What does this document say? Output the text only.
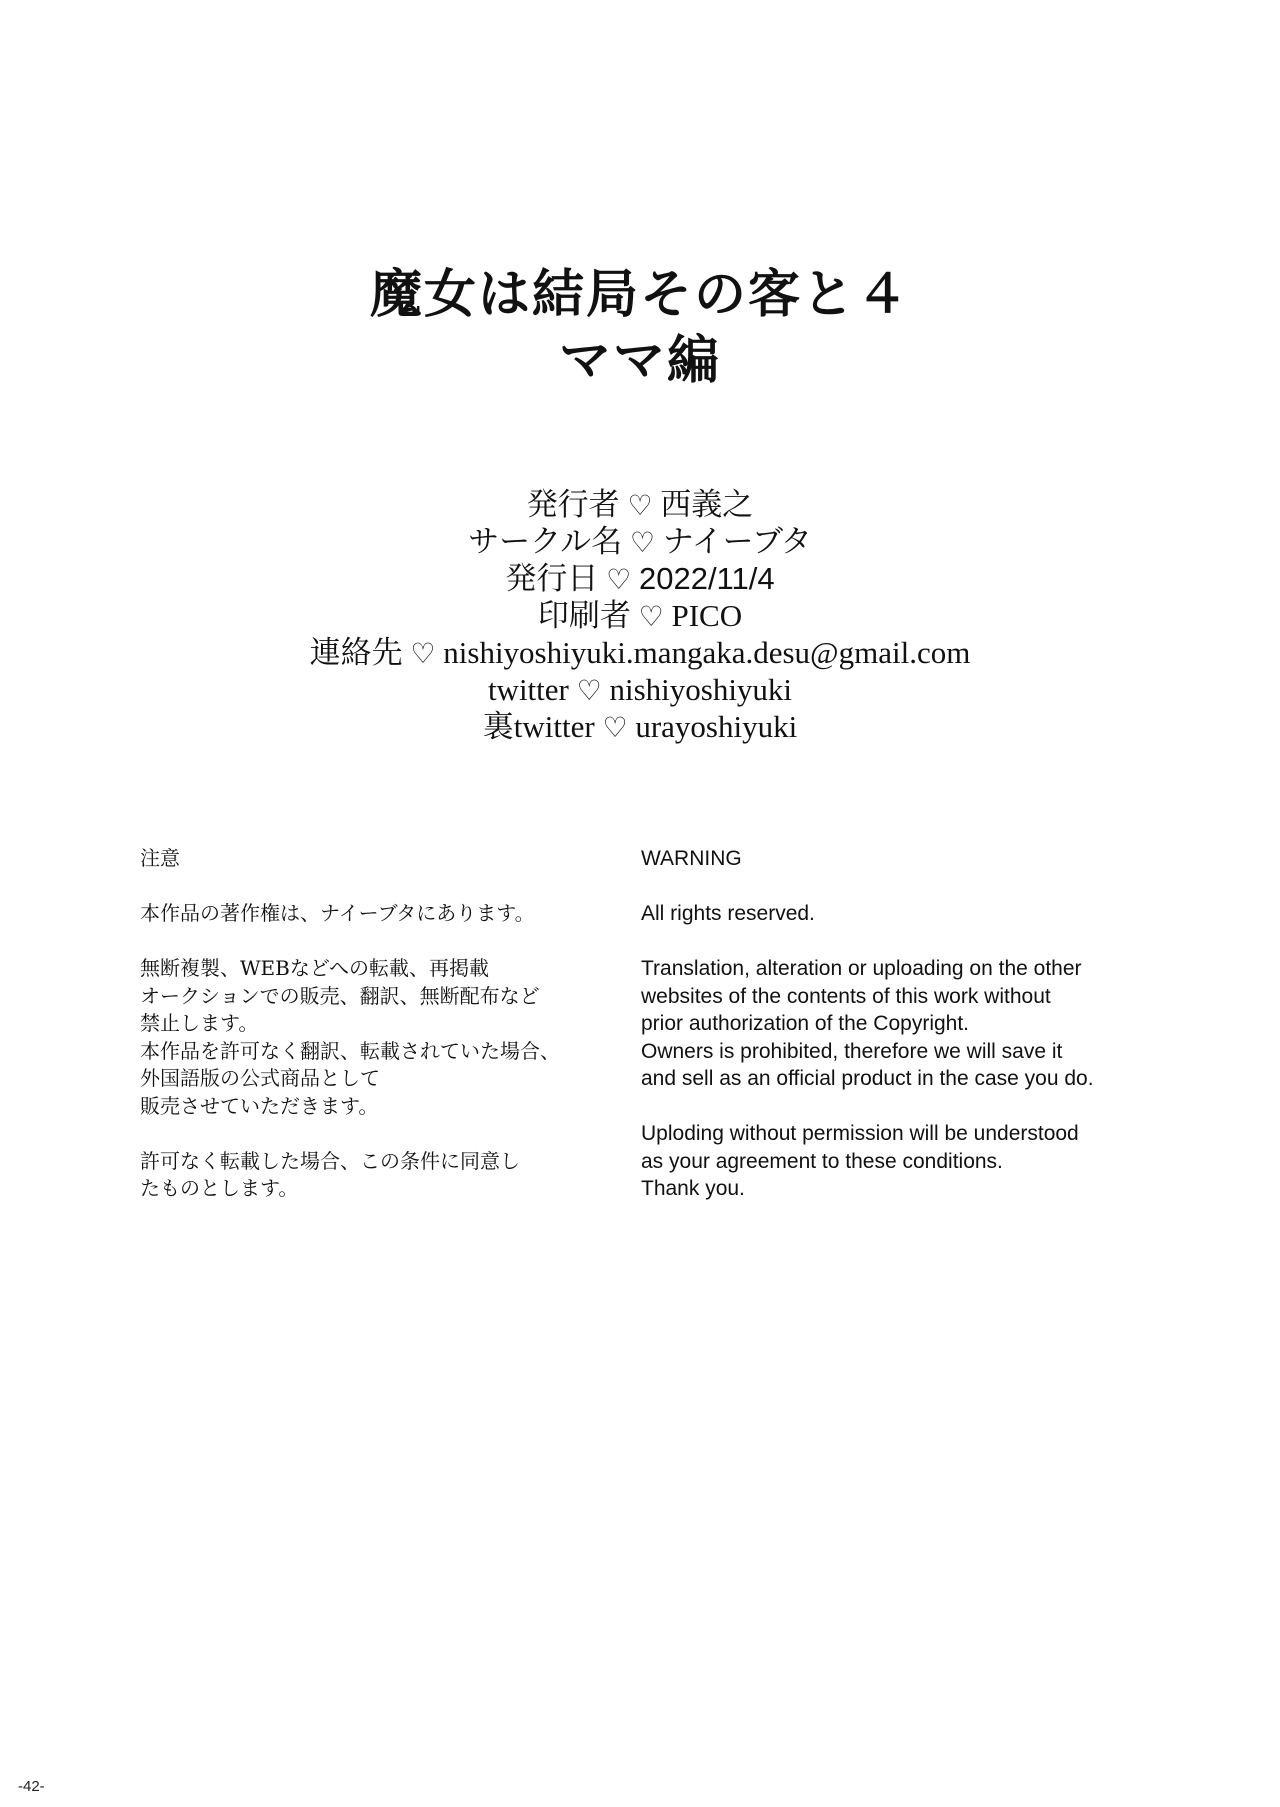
魔女は結局その客と４
ママ編
発行者 ♡ 西義之
サークル名 ♡ ナイーブタ
発行日 ♡ 2022/11/4
印刷者 ♡ PICO
連絡先 ♡ nishiyoshiyuki.mangaka.desu@gmail.com
twitter ♡ nishiyoshiyuki
裏twitter ♡ urayoshiyuki

注意

本作品の著作権は、ナイーブタにあります。

無断複製、WEBなどへの転載、再掲載
オークションでの販売、翻訳、無断配布など
禁止します。
本作品を許可なく翻訳、転載されていた場合、
外国語版の公式商品として
販売させていただきます。

許可なく転載した場合、この条件に同意し
たものとします。

WARNING

All rights reserved.

Translation, alteration or uploading on the other
websites of the contents of this work without
prior authorization of the Copyright.
Owners is prohibited, therefore we will save it
and sell as an official product in the case you do.

Uploding without permission will be understood
as your agreement to these conditions.
Thank you.

-42-
